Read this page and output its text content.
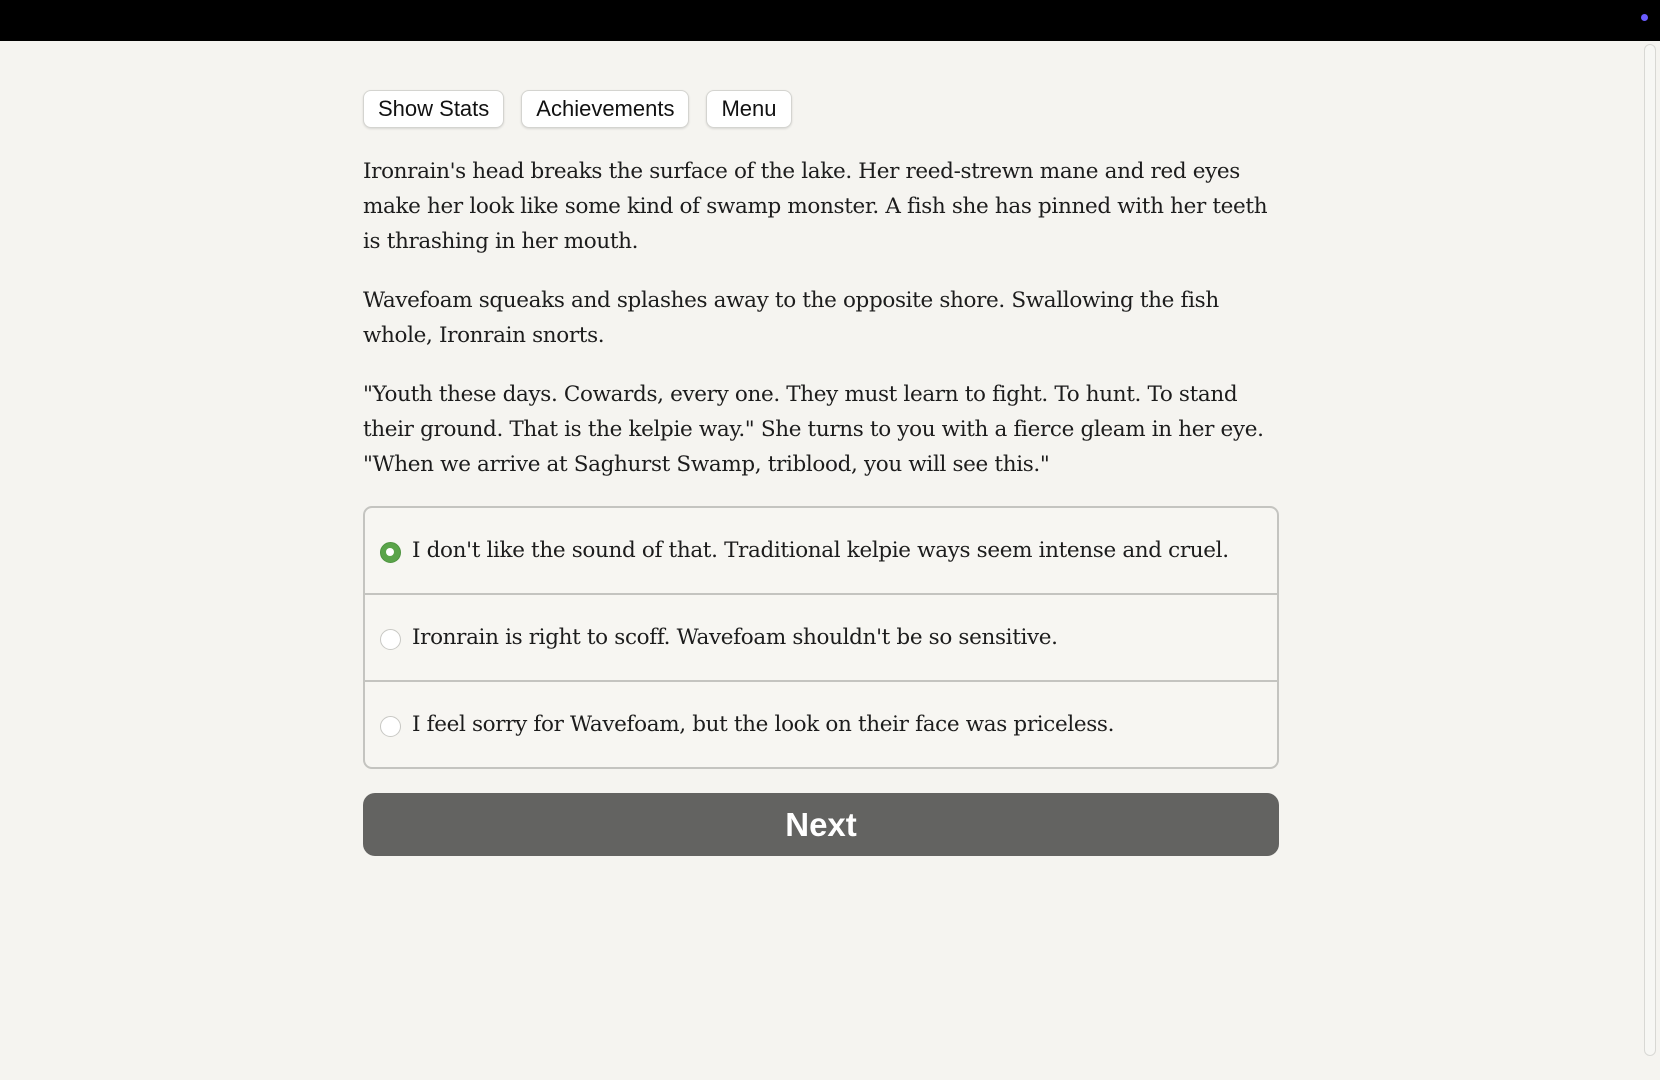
Show Stats	Achievements	Menu

Ironrain's head breaks the surface of the lake. Her reed-strewn mane and red eyes make her look like some kind of swamp monster. A fish she has pinned with her teeth is thrashing in her mouth.

Wavefoam squeaks and splashes away to the opposite shore. Swallowing the fish whole, Ironrain snorts.

"Youth these days. Cowards, every one. They must learn to fight. To hunt. To stand their ground. That is the kelpie way." She turns to you with a fierce gleam in her eye. "When we arrive at Saghurst Swamp, triblood, you will see this."

I don't like the sound of that. Traditional kelpie ways seem intense and cruel.
Ironrain is right to scoff. Wavefoam shouldn't be so sensitive.
I feel sorry for Wavefoam, but the look on their face was priceless.
Next
